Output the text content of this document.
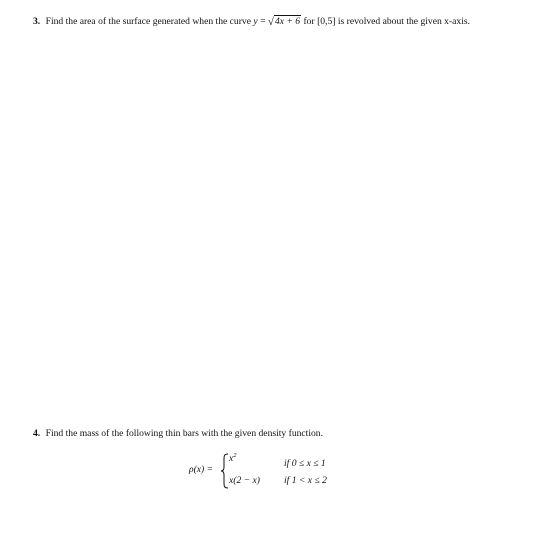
3. Find the area of the surface generated when the curve y = √4x + 6 for [0,5] is revolved about the given x-axis.
4. Find the mass of the following thin bars with the given density function.
ρ(x) =
$x^2$
if 0 ≤ x ≤ 1
x(2 − x)	if 1 < x ≤ 2
